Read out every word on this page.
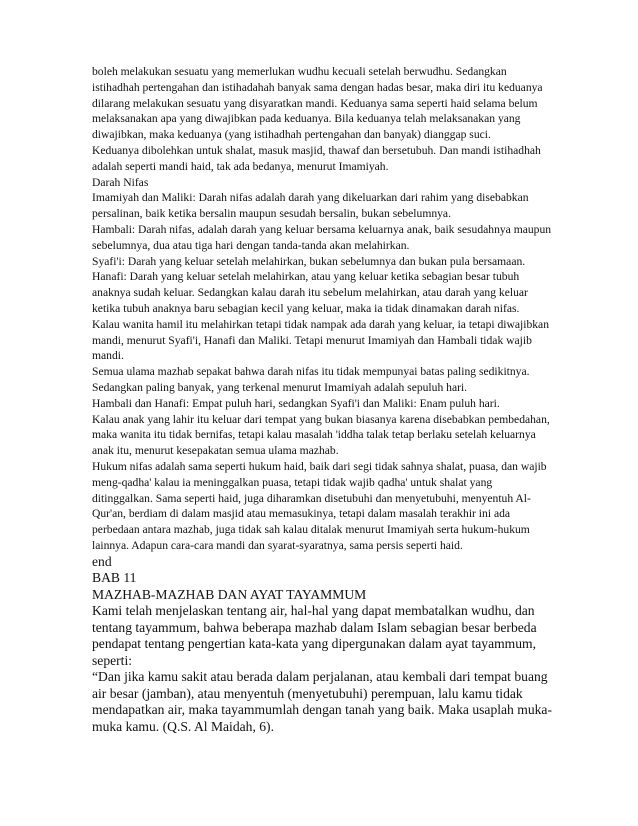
boleh melakukan sesuatu yang memerlukan wudhu kecuali setelah berwudhu. Sedangkan istihadhah pertengahan dan istihadahah banyak sama dengan hadas besar, maka diri itu keduanya dilarang melakukan sesuatu yang disyaratkan mandi. Keduanya sama seperti haid selama belum melaksanakan apa yang diwajibkan pada keduanya. Bila keduanya telah melaksanakan yang diwajibkan, maka keduanya (yang istihadhah pertengahan dan banyak) dianggap suci.

Keduanya dibolehkan untuk shalat, masuk masjid, thawaf dan bersetubuh. Dan mandi istihadhah adalah seperti mandi haid, tak ada bedanya, menurut Imamiyah.

Darah Nifas

Imamiyah dan Maliki: Darah nifas adalah darah yang dikeluarkan dari rahim yang disebabkan persalinan, baik ketika bersalin maupun sesudah bersalin, bukan sebelumnya.

Hambali: Darah nifas, adalah darah yang keluar bersama keluarnya anak, baik sesudahnya maupun sebelumnya, dua atau tiga hari dengan tanda-tanda akan melahirkan.

Syafi'i: Darah yang keluar setelah melahirkan, bukan sebelumnya dan bukan pula bersamaan.

Hanafi: Darah yang keluar setelah melahirkan, atau yang keluar ketika sebagian besar tubuh anaknya sudah keluar. Sedangkan kalau darah itu sebelum melahirkan, atau darah yang keluar ketika tubuh anaknya baru sebagian kecil yang keluar, maka ia tidak dinamakan darah nifas.

Kalau wanita hamil itu melahirkan tetapi tidak nampak ada darah yang keluar, ia tetapi diwajibkan mandi, menurut Syafi'i, Hanafi dan Maliki. Tetapi menurut Imamiyah dan Hambali tidak wajib mandi.

Semua ulama mazhab sepakat bahwa darah nifas itu tidak mempunyai batas paling sedikitnya. Sedangkan paling banyak, yang terkenal menurut Imamiyah adalah sepuluh hari.

Hambali dan Hanafi: Empat puluh hari, sedangkan Syafi'i dan Maliki: Enam puluh hari.

Kalau anak yang lahir itu keluar dari tempat yang bukan biasanya karena disebabkan pembedahan, maka wanita itu tidak bernifas, tetapi kalau masalah 'iddha talak tetap berlaku setelah keluarnya anak itu, menurut kesepakatan semua ulama mazhab.

Hukum nifas adalah sama seperti hukum haid, baik dari segi tidak sahnya shalat, puasa, dan wajib meng-qadha' kalau ia meninggalkan puasa, tetapi tidak wajib qadha' untuk shalat yang ditinggalkan. Sama seperti haid, juga diharamkan disetubuhi dan menyetubuhi, menyentuh Al-Qur'an, berdiam di dalam masjid atau memasukinya, tetapi dalam masalah terakhir ini ada perbedaan antara mazhab, juga tidak sah kalau ditalak menurut Imamiyah serta hukum-hukum lainnya. Adapun cara-cara mandi dan syarat-syaratnya, sama persis seperti haid.

end

BAB 11

MAZHAB-MAZHAB DAN AYAT TAYAMMUM

Kami telah menjelaskan tentang air, hal-hal yang dapat membatalkan wudhu, dan tentang tayammum, bahwa beberapa mazhab dalam Islam sebagian besar berbeda pendapat tentang pengertian kata-kata yang dipergunakan dalam ayat tayammum, seperti:

“Dan jika kamu sakit atau berada dalam perjalanan, atau kembali dari tempat buang air besar (jamban), atau menyentuh (menyetubuhi) perempuan, lalu kamu tidak mendapatkan air, maka tayammumlah dengan tanah yang baik. Maka usaplah muka-muka kamu. (Q.S. Al Maidah, 6).
